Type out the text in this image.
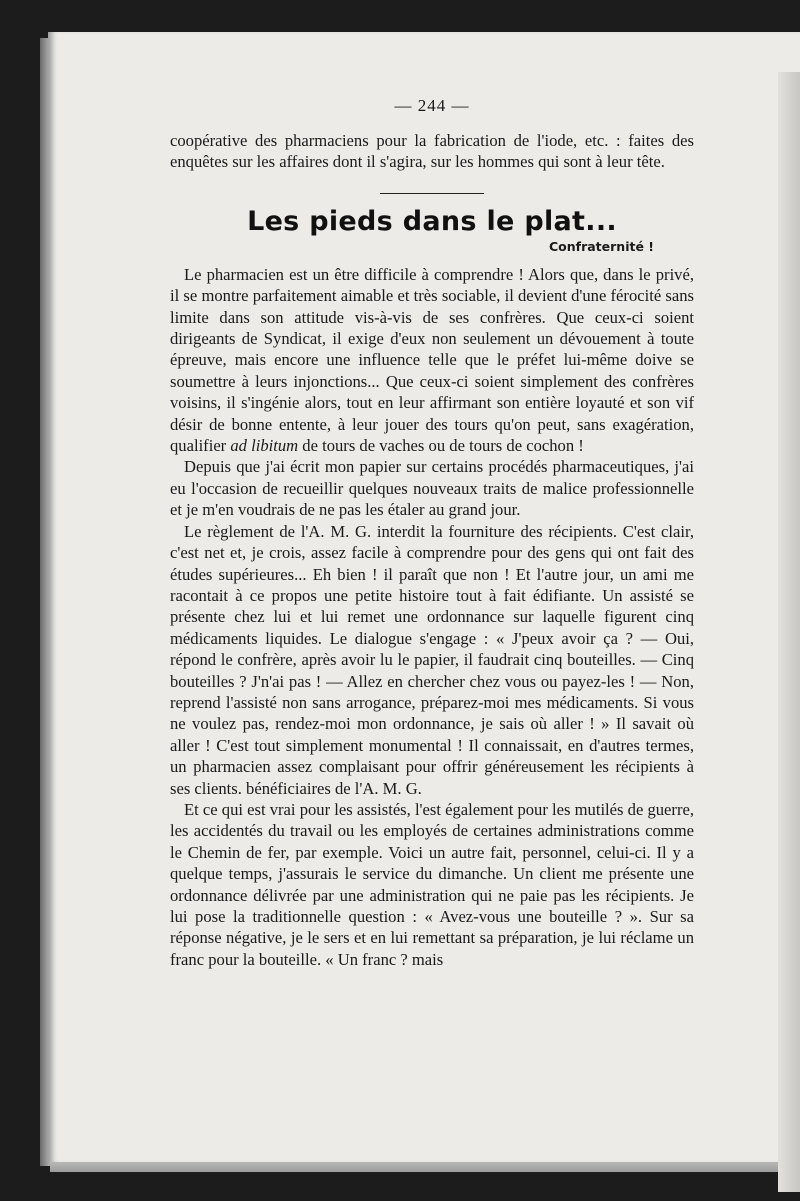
— 244 —

coopérative des pharmaciens pour la fabrication de l'iode, etc. : faites des enquêtes sur les affaires dont il s'agira, sur les hommes qui sont à leur tête.

Les pieds dans le plat...
Confraternité !

Le pharmacien est un être difficile à comprendre ! Alors que, dans le privé, il se montre parfaitement aimable et très sociable, il devient d'une férocité sans limite dans son attitude vis-à-vis de ses confrères. Que ceux-ci soient dirigeants de Syndicat, il exige d'eux non seulement un dévouement à toute épreuve, mais encore une influence telle que le préfet lui-même doive se soumettre à leurs injonctions... Que ceux-ci soient simplement des confrères voisins, il s'ingénie alors, tout en leur affirmant son entière loyauté et son vif désir de bonne entente, à leur jouer des tours qu'on peut, sans exagération, qualifier ad libitum de tours de vaches ou de tours de cochon !

Depuis que j'ai écrit mon papier sur certains procédés pharmaceutiques, j'ai eu l'occasion de recueillir quelques nouveaux traits de malice professionnelle et je m'en voudrais de ne pas les étaler au grand jour.

Le règlement de l'A. M. G. interdit la fourniture des récipients. C'est clair, c'est net et, je crois, assez facile à comprendre pour des gens qui ont fait des études supérieures... Eh bien ! il paraît que non ! Et l'autre jour, un ami me racontait à ce propos une petite histoire tout à fait édifiante. Un assisté se présente chez lui et lui remet une ordonnance sur laquelle figurent cinq médicaments liquides. Le dialogue s'engage : « J'peux avoir ça ? — Oui, répond le confrère, après avoir lu le papier, il faudrait cinq bouteilles. — Cinq bouteilles ? J'n'ai pas ! — Allez en chercher chez vous ou payez-les ! — Non, reprend l'assisté non sans arrogance, préparez-moi mes médicaments. Si vous ne voulez pas, rendez-moi mon ordonnance, je sais où aller ! » Il savait où aller ! C'est tout simplement monumental ! Il connaissait, en d'autres termes, un pharmacien assez complaisant pour offrir généreusement les récipients à ses clients. bénéficiaires de l'A. M. G.

Et ce qui est vrai pour les assistés, l'est également pour les mutilés de guerre, les accidentés du travail ou les employés de certaines administrations comme le Chemin de fer, par exemple. Voici un autre fait, personnel, celui-ci. Il y a quelque temps, j'assurais le service du dimanche. Un client me présente une ordonnance délivrée par une administration qui ne paie pas les récipients. Je lui pose la traditionnelle question : « Avez-vous une bouteille ? ». Sur sa réponse négative, je le sers et en lui remettant sa préparation, je lui réclame un franc pour la bouteille. « Un franc ? mais
